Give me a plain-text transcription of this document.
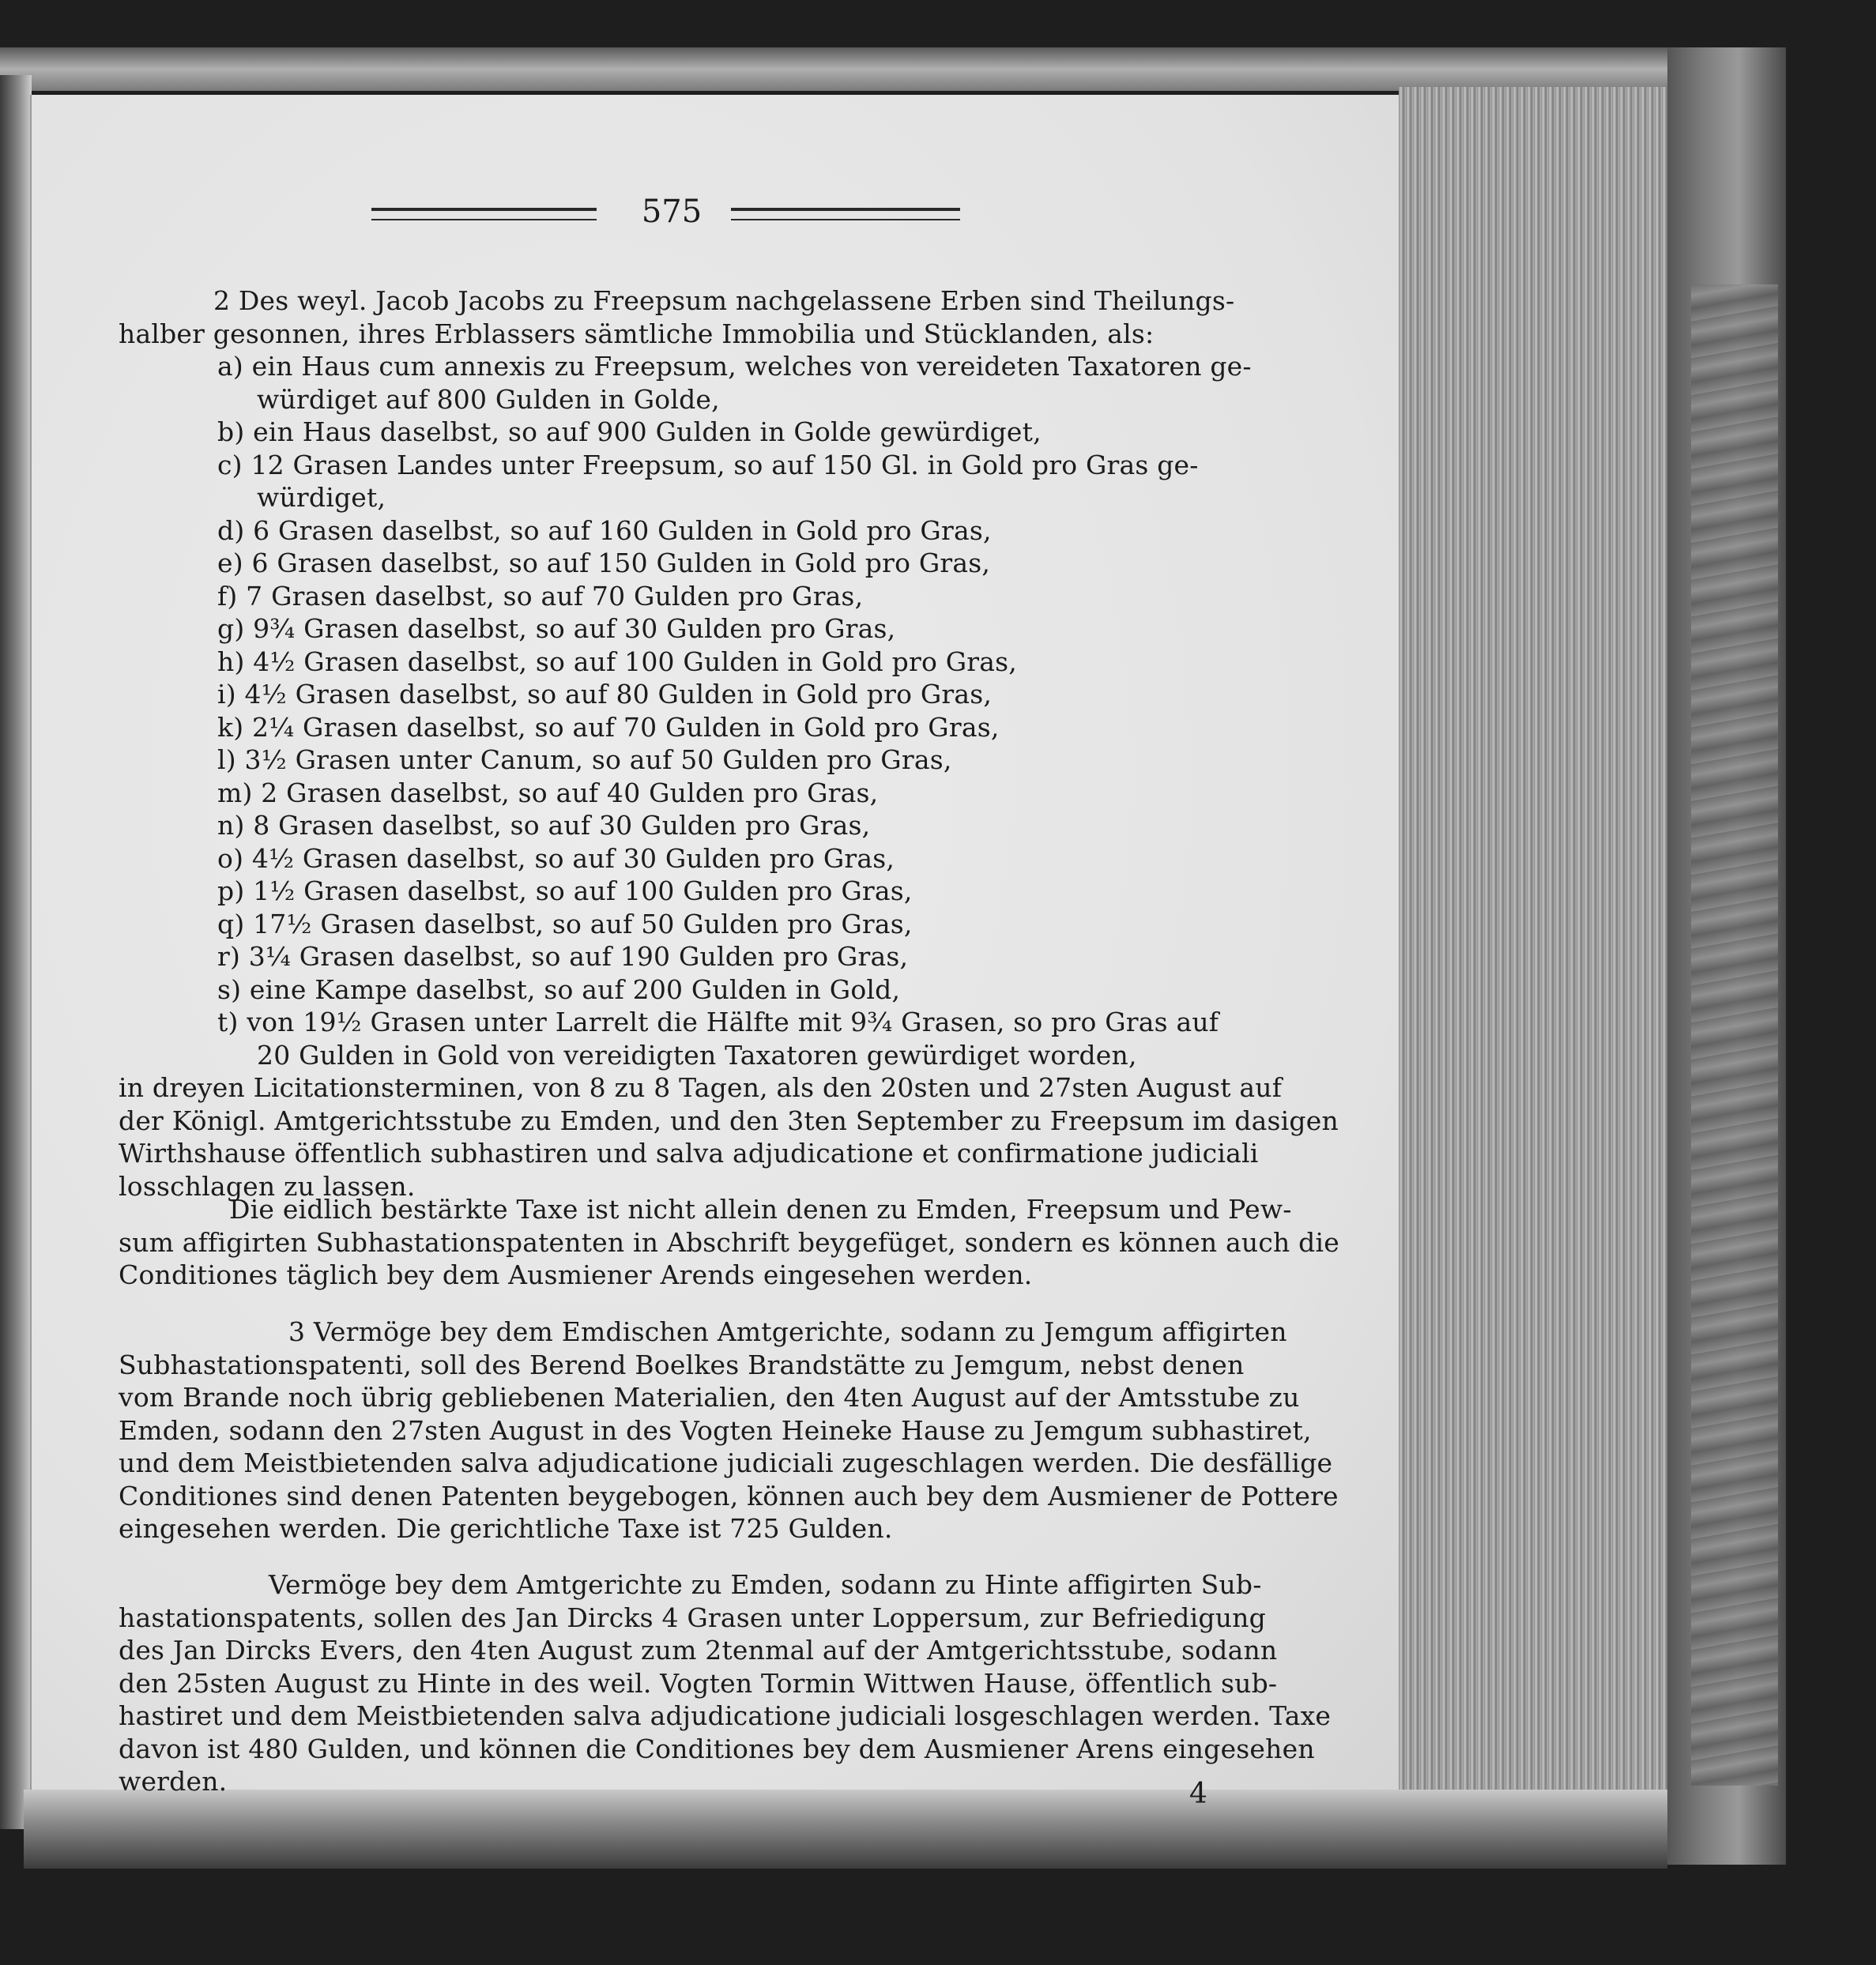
575
2 Des weyl. Jacob Jacobs zu Freepsum nachgelassene Erben sind Theilungs-
halber gesonnen, ihres Erblassers sämtliche Immobilia und Stücklanden, als:
a) ein Haus cum annexis zu Freepsum, welches von vereideten Taxatoren ge-
würdiget auf 800 Gulden in Golde,
b) ein Haus daselbst, so auf 900 Gulden in Golde gewürdiget,
c) 12 Grasen Landes unter Freepsum, so auf 150 Gl. in Gold pro Gras ge-
würdiget,
d) 6 Grasen daselbst, so auf 160 Gulden in Gold pro Gras,
e) 6 Grasen daselbst, so auf 150 Gulden in Gold pro Gras,
f) 7 Grasen daselbst, so auf 70 Gulden pro Gras,
g) 9¾ Grasen daselbst, so auf 30 Gulden pro Gras,
h) 4½ Grasen daselbst, so auf 100 Gulden in Gold pro Gras,
i) 4½ Grasen daselbst, so auf 80 Gulden in Gold pro Gras,
k) 2¼ Grasen daselbst, so auf 70 Gulden in Gold pro Gras,
l) 3½ Grasen unter Canum, so auf 50 Gulden pro Gras,
m) 2 Grasen daselbst, so auf 40 Gulden pro Gras,
n) 8 Grasen daselbst, so auf 30 Gulden pro Gras,
o) 4½ Grasen daselbst, so auf 30 Gulden pro Gras,
p) 1½ Grasen daselbst, so auf 100 Gulden pro Gras,
q) 17½ Grasen daselbst, so auf 50 Gulden pro Gras,
r) 3¼ Grasen daselbst, so auf 190 Gulden pro Gras,
s) eine Kampe daselbst, so auf 200 Gulden in Gold,
t) von 19½ Grasen unter Larrelt die Hälfte mit 9¾ Grasen, so pro Gras auf
20 Gulden in Gold von vereidigten Taxatoren gewürdiget worden,
in dreyen Licitationsterminen, von 8 zu 8 Tagen, als den 20sten und 27sten August auf
der Königl. Amtgerichtsstube zu Emden, und den 3ten September zu Freepsum im dasigen
Wirthshause öffentlich subhastiren und salva adjudicatione et confirmatione judiciali
losschlagen zu lassen.
Die eidlich bestärkte Taxe ist nicht allein denen zu Emden, Freepsum und Pew-
sum affigirten Subhastationspatenten in Abschrift beygefüget, sondern es können auch die
Conditiones täglich bey dem Ausmiener Arends eingesehen werden.
3 Vermöge bey dem Emdischen Amtgerichte, sodann zu Jemgum affigirten
Subhastationspatenti, soll des Berend Boelkes Brandstätte zu Jemgum, nebst denen
vom Brande noch übrig gebliebenen Materialien, den 4ten August auf der Amtsstube zu
Emden, sodann den 27sten August in des Vogten Heineke Hause zu Jemgum subhastiret,
und dem Meistbietenden salva adjudicatione judiciali zugeschlagen werden. Die desfällige
Conditiones sind denen Patenten beygebogen, können auch bey dem Ausmiener de Pottere
eingesehen werden. Die gerichtliche Taxe ist 725 Gulden.
Vermöge bey dem Amtgerichte zu Emden, sodann zu Hinte affigirten Sub-
hastationspatents, sollen des Jan Dircks 4 Grasen unter Loppersum, zur Befriedigung
des Jan Dircks Evers, den 4ten August zum 2tenmal auf der Amtgerichtsstube, sodann
den 25sten August zu Hinte in des weil. Vogten Tormin Wittwen Hause, öffentlich sub-
hastiret und dem Meistbietenden salva adjudicatione judiciali losgeschlagen werden. Taxe
davon ist 480 Gulden, und können die Conditiones bey dem Ausmiener Arens eingesehen
werden.	4
